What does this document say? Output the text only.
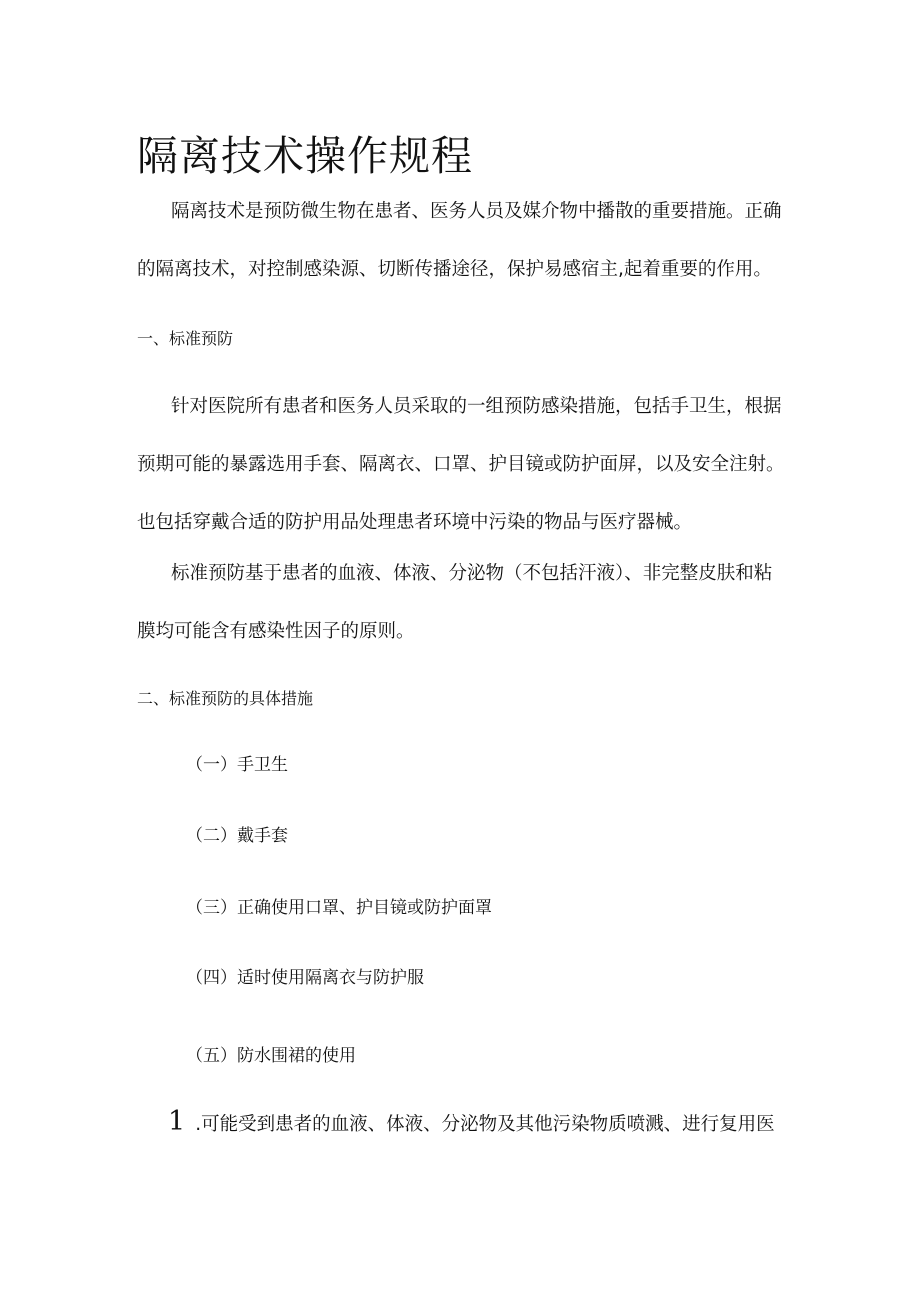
隔离技术操作规程
隔离技术是预防微生物在患者、医务人员及媒介物中播散的重要措施。正确
的隔离技术，对控制感染源、切断传播途径，保护易感宿主,起着重要的作用。
一、标准预防
针对医院所有患者和医务人员采取的一组预防感染措施，包括手卫生，根据
预期可能的暴露选用手套、隔离衣、口罩、护目镜或防护面屏，以及安全注射。
也包括穿戴合适的防护用品处理患者环境中污染的物品与医疗器械。
标准预防基于患者的血液、体液、分泌物（不包括汗液）、非完整皮肤和粘
膜均可能含有感染性因子的原则。
二、标准预防的具体措施
（一）手卫生
（二）戴手套
（三）正确使用口罩、护目镜或防护面罩
（四）适时使用隔离衣与防护服
（五）防水围裙的使用
1 .可能受到患者的血液、体液、分泌物及其他污染物质喷溅、进行复用医
